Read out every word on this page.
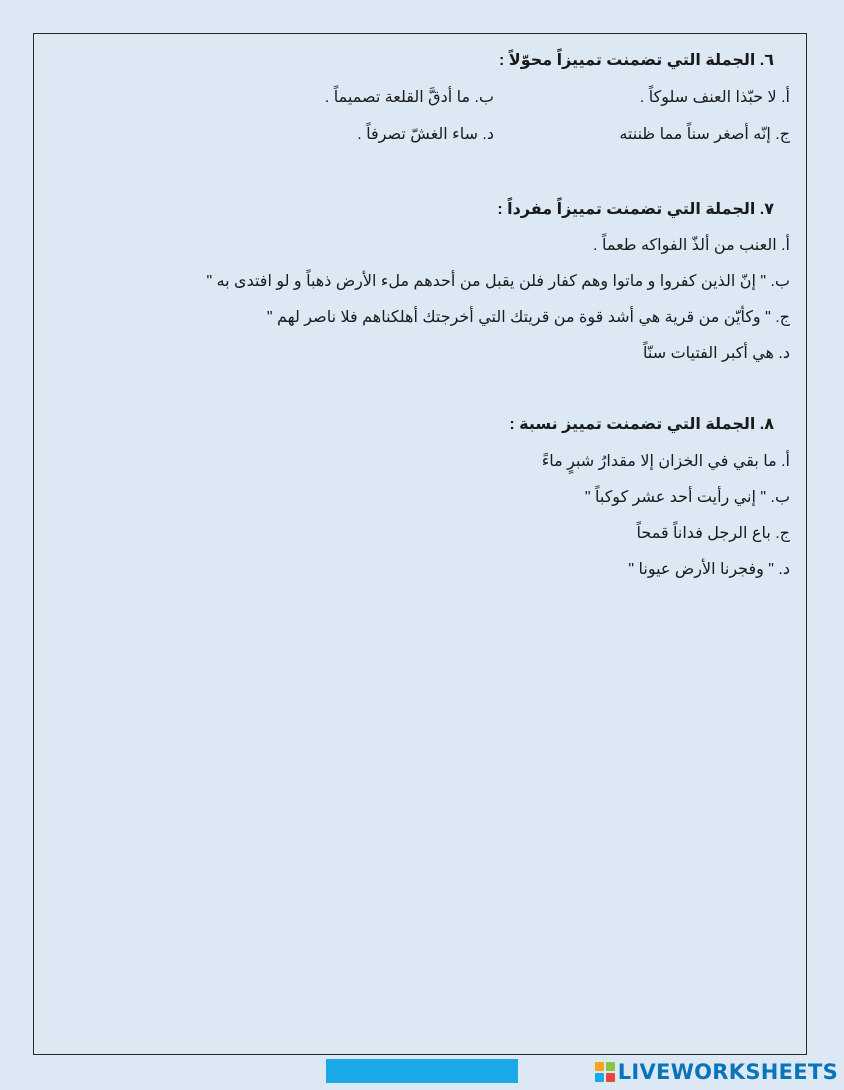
٦. الجملة التي تضمنت تمييزاً محوّلاً :
أ. لا حبّذا العنف سلوكاً .
ب. ما أدقَّ القلعة تصميماً .
ج. إنّه أصغر سناً مما ظننته
د. ساء الغشّ تصرفاً .
٧. الجملة التي تضمنت تمييزاً مفرداً :
أ. العنب من ألذّ الفواكه طعماً .
ب. " إنّ الذين كفروا و ماتوا وهم كفار فلن يقبل من أحدهم ملء الأرض ذهباً و لو افتدى به "
ج. " وكأيّن من قرية هي أشد قوة من قريتك التي أخرجتك أهلكناهم فلا ناصر لهم "
د. هي أكبر الفتيات سنّاً
٨. الجملة التي تضمنت تمييز نسبة :
أ. ما بقي في الخزان إلا مقدارُ شبرٍ ماءً
ب. " إني رأيت أحد عشر كوكباً "
ج. باع الرجل فداناً قمحاً
د. " وفجرنا الأرض عيونا "
LIVEWORKSHEETS
